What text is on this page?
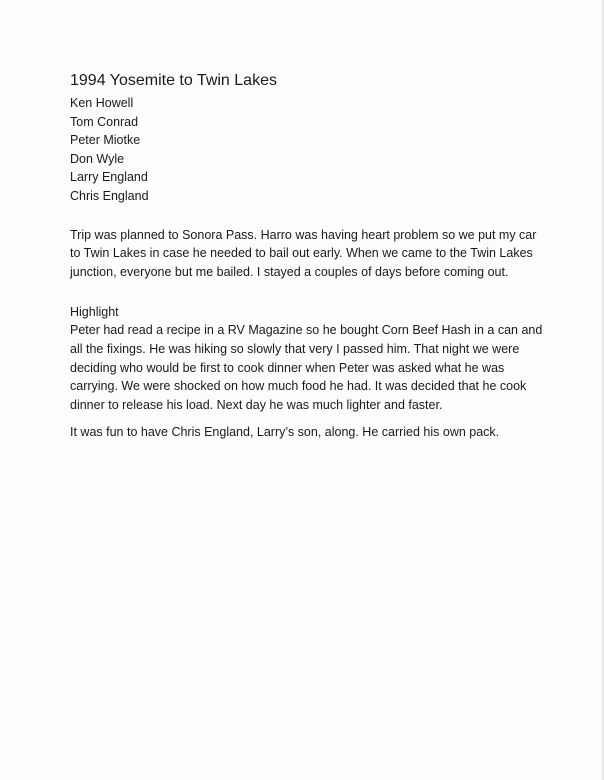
1994 Yosemite to Twin Lakes
Ken Howell
Tom Conrad
Peter Miotke
Don Wyle
Larry England
Chris England

Trip was planned to Sonora Pass. Harro was having heart problem so we put my car to Twin Lakes in case he needed to bail out early. When we came to the Twin Lakes junction, everyone but me bailed. I stayed a couples of days before coming out.

Highlight

Peter had read a recipe in a RV Magazine so he bought Corn Beef Hash in a can and all the fixings. He was hiking so slowly that very I passed him. That night we were deciding who would be first to cook dinner when Peter was asked what he was carrying. We were shocked on how much food he had. It was decided that he cook dinner to release his load. Next day he was much lighter and faster.

It was fun to have Chris England, Larry’s son, along. He carried his own pack.
